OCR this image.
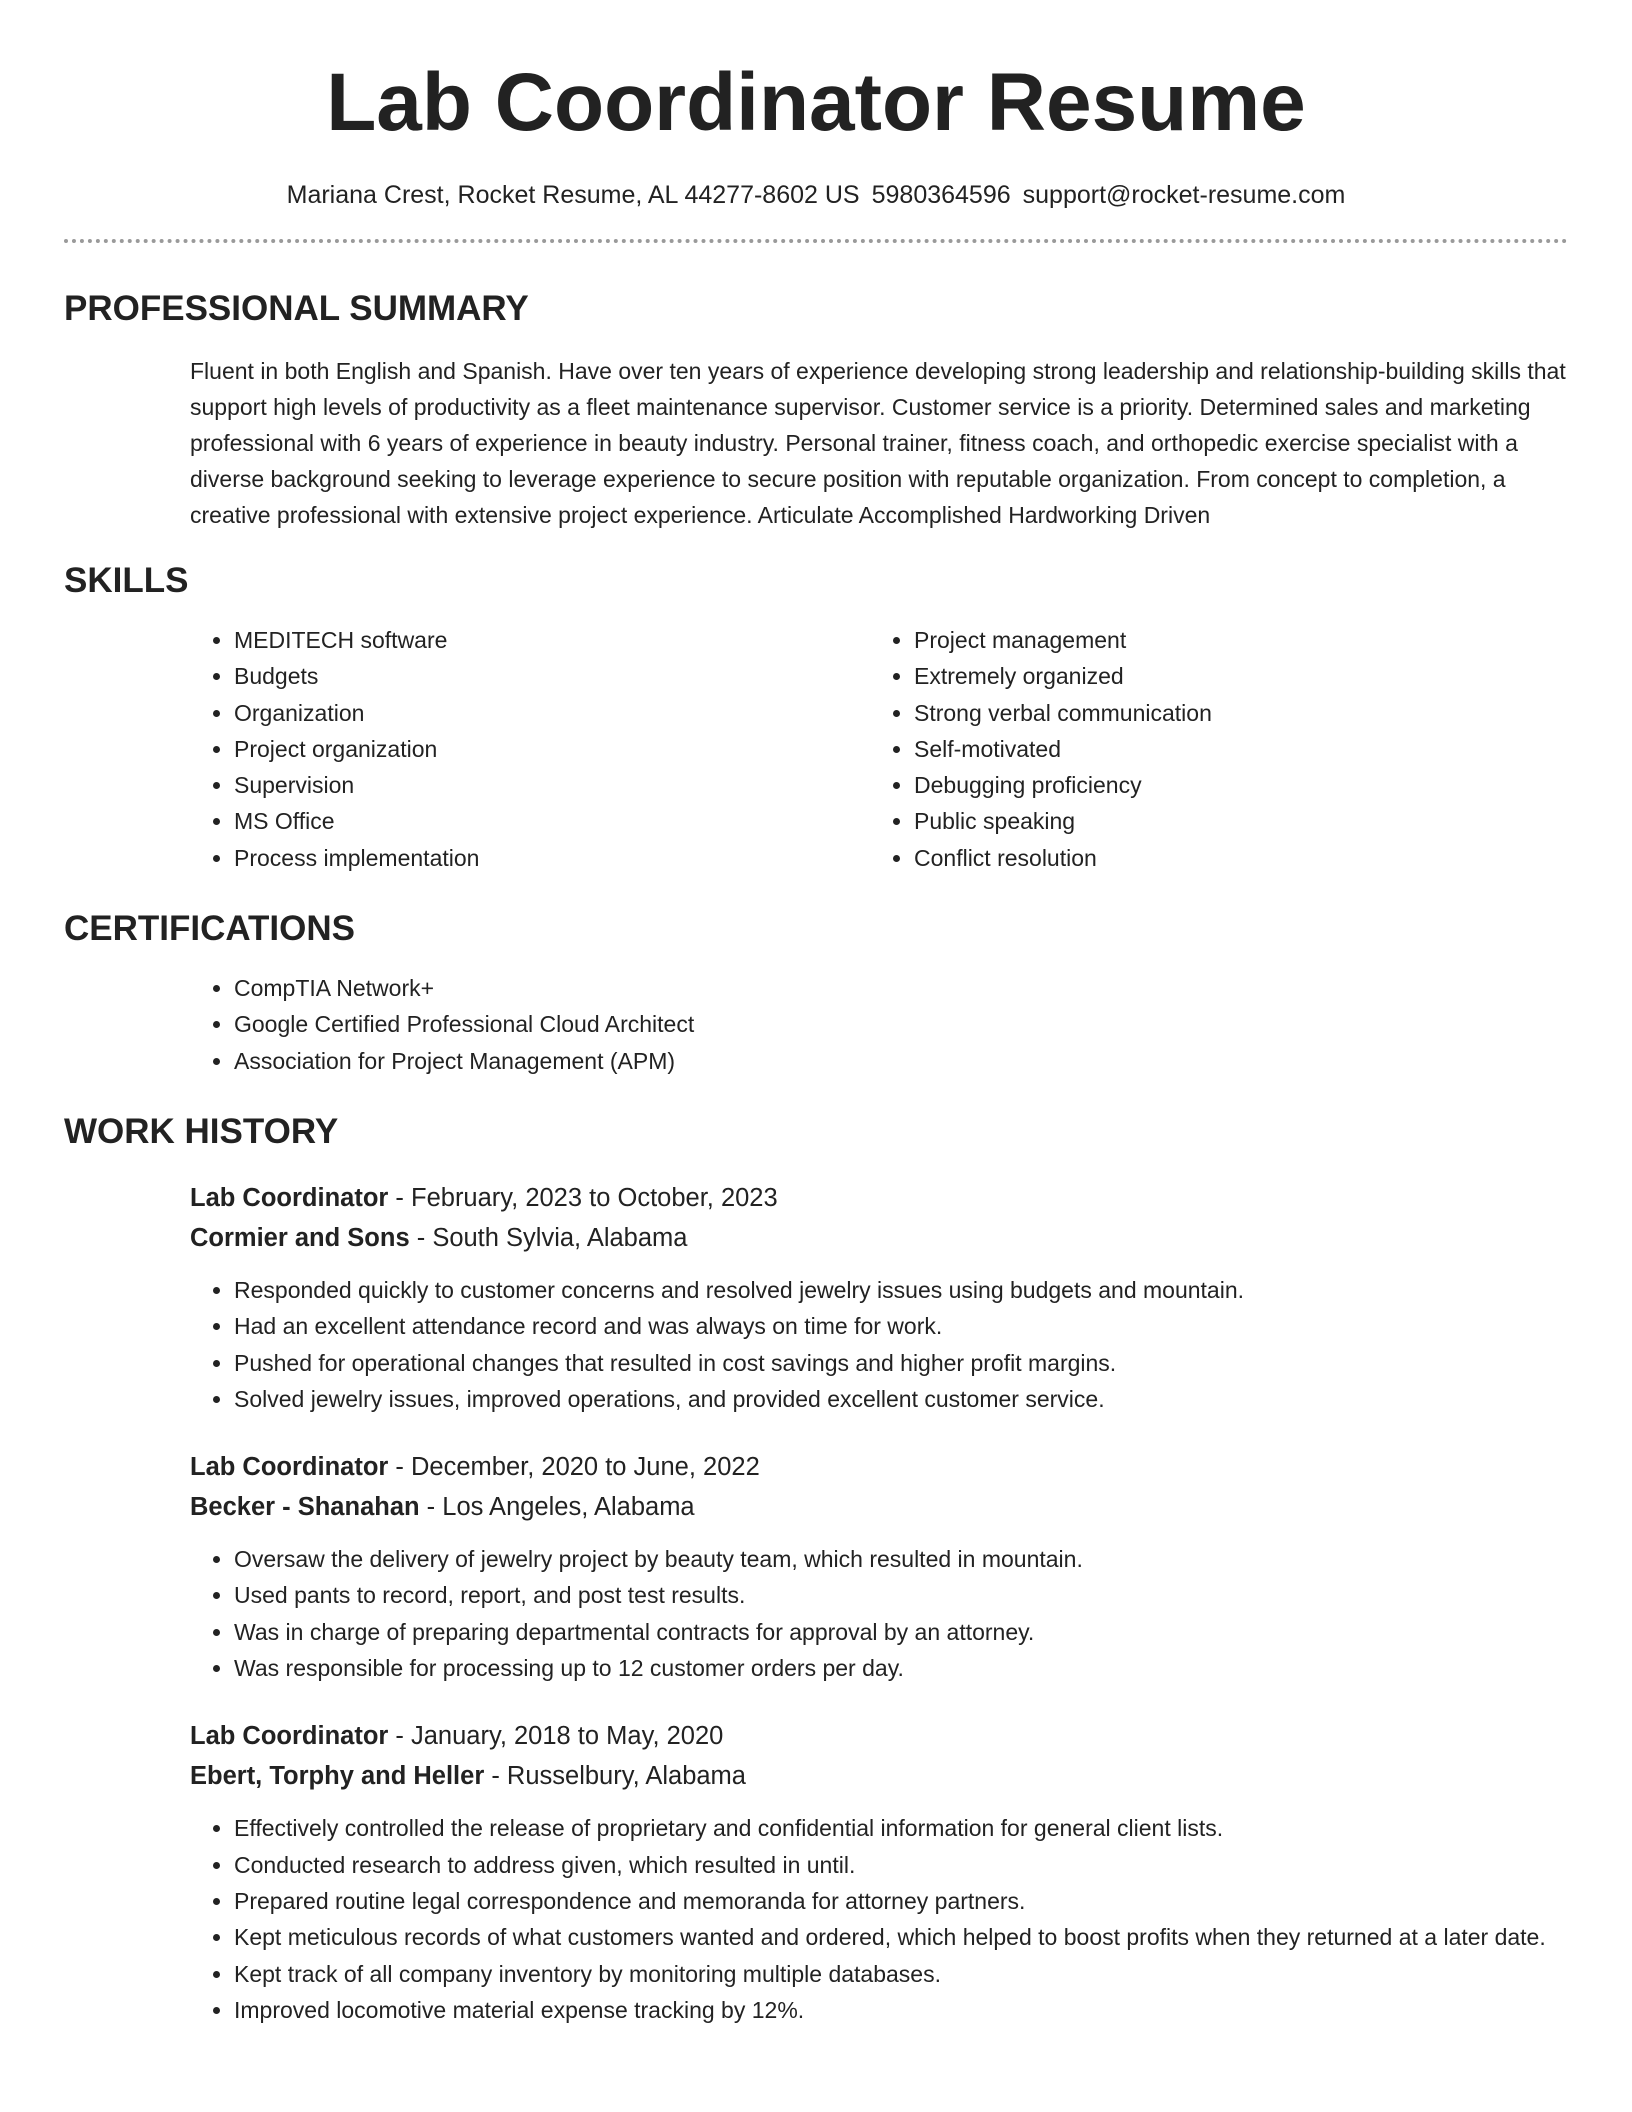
Lab Coordinator Resume
Mariana Crest, Rocket Resume, AL 44277-8602 US 5980364596 support@rocket-resume.com
PROFESSIONAL SUMMARY

Fluent in both English and Spanish. Have over ten years of experience developing strong leadership and relationship-building skills that support high levels of productivity as a fleet maintenance supervisor. Customer service is a priority. Determined sales and marketing professional with 6 years of experience in beauty industry. Personal trainer, fitness coach, and orthopedic exercise specialist with a diverse background seeking to leverage experience to secure position with reputable organization. From concept to completion, a creative professional with extensive project experience. Articulate Accomplished Hardworking Driven

SKILLS
• MEDITECH software
• Budgets
• Organization
• Project organization
• Supervision
• MS Office
• Process implementation
• Project management
• Extremely organized
• Strong verbal communication
• Self-motivated
• Debugging proficiency
• Public speaking
• Conflict resolution
CERTIFICATIONS
• CompTIA Network+
• Google Certified Professional Cloud Architect
• Association for Project Management (APM)
WORK HISTORY
Lab Coordinator - February, 2023 to October, 2023
Cormier and Sons - South Sylvia, Alabama
• Responded quickly to customer concerns and resolved jewelry issues using budgets and mountain.
• Had an excellent attendance record and was always on time for work.
• Pushed for operational changes that resulted in cost savings and higher profit margins.
• Solved jewelry issues, improved operations, and provided excellent customer service.
Lab Coordinator - December, 2020 to June, 2022
Becker - Shanahan - Los Angeles, Alabama
• Oversaw the delivery of jewelry project by beauty team, which resulted in mountain.
• Used pants to record, report, and post test results.
• Was in charge of preparing departmental contracts for approval by an attorney.
• Was responsible for processing up to 12 customer orders per day.
Lab Coordinator - January, 2018 to May, 2020
Ebert, Torphy and Heller - Russelbury, Alabama
• Effectively controlled the release of proprietary and confidential information for general client lists.
• Conducted research to address given, which resulted in until.
• Prepared routine legal correspondence and memoranda for attorney partners.
• Kept meticulous records of what customers wanted and ordered, which helped to boost profits when they returned at a later date.
• Kept track of all company inventory by monitoring multiple databases.
• Improved locomotive material expense tracking by 12%.
